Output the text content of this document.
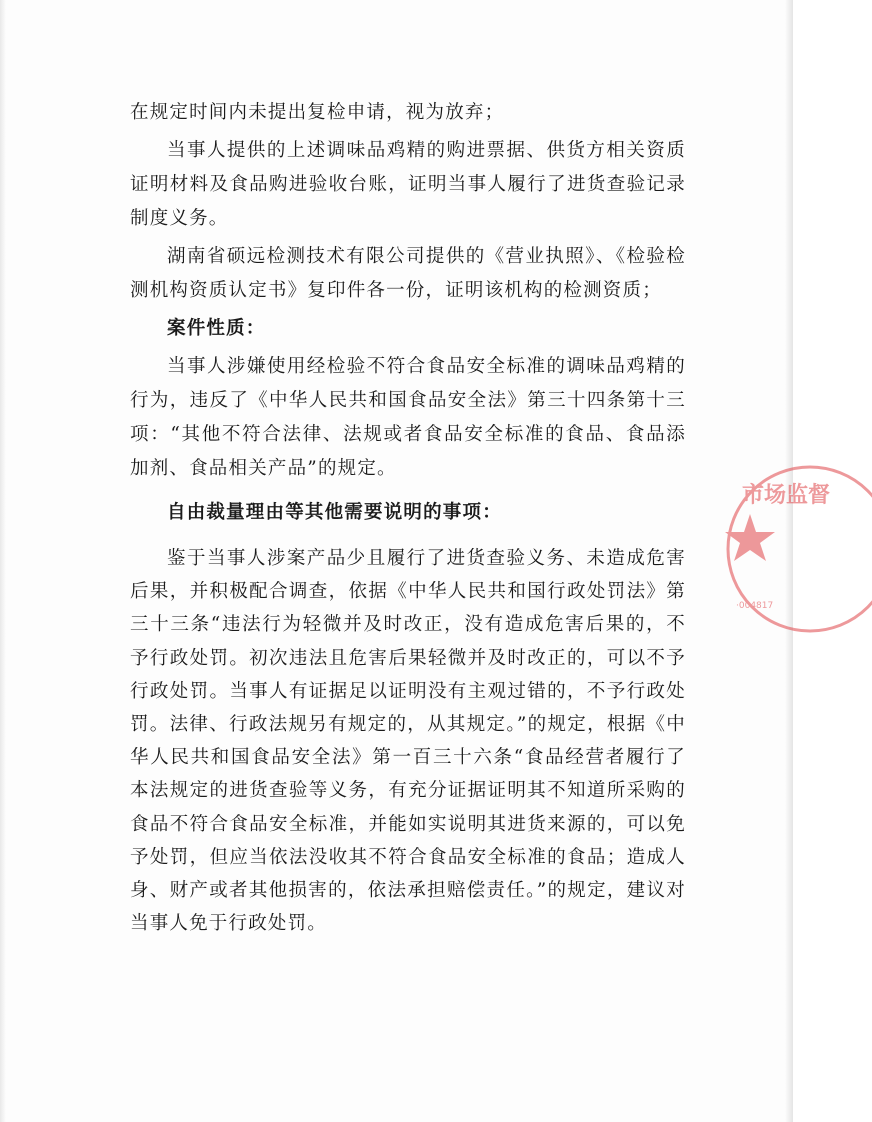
在规定时间内未提出复检申请，视为放弃；

当事人提供的上述调味品鸡精的购进票据、供货方相关资质证明材料及食品购进验收台账，证明当事人履行了进货查验记录制度义务。

湖南省硕远检测技术有限公司提供的《营业执照》、《检验检测机构资质认定书》复印件各一份，证明该机构的检测资质；

案件性质：

当事人涉嫌使用经检验不符合食品安全标准的调味品鸡精的行为，违反了《中华人民共和国食品安全法》第三十四条第十三项：“其他不符合法律、法规或者食品安全标准的食品、食品添加剂、食品相关产品”的规定。

自由裁量理由等其他需要说明的事项：

鉴于当事人涉案产品少且履行了进货查验义务、未造成危害后果，并积极配合调查，依据《中华人民共和国行政处罚法》第三十三条“违法行为轻微并及时改正，没有造成危害后果的，不予行政处罚。初次违法且危害后果轻微并及时改正的，可以不予行政处罚。当事人有证据足以证明没有主观过错的，不予行政处罚。法律、行政法规另有规定的，从其规定。”的规定，根据《中华人民共和国食品安全法》第一百三十六条“食品经营者履行了本法规定的进货查验等义务，有充分证据证明其不知道所采购的食品不符合食品安全标准，并能如实说明其进货来源的，可以免予处罚，但应当依法没收其不符合食品安全标准的食品；造成人身、财产或者其他损害的，依法承担赔偿责任。”的规定，建议对当事人免于行政处罚。

市场监督
·004817
